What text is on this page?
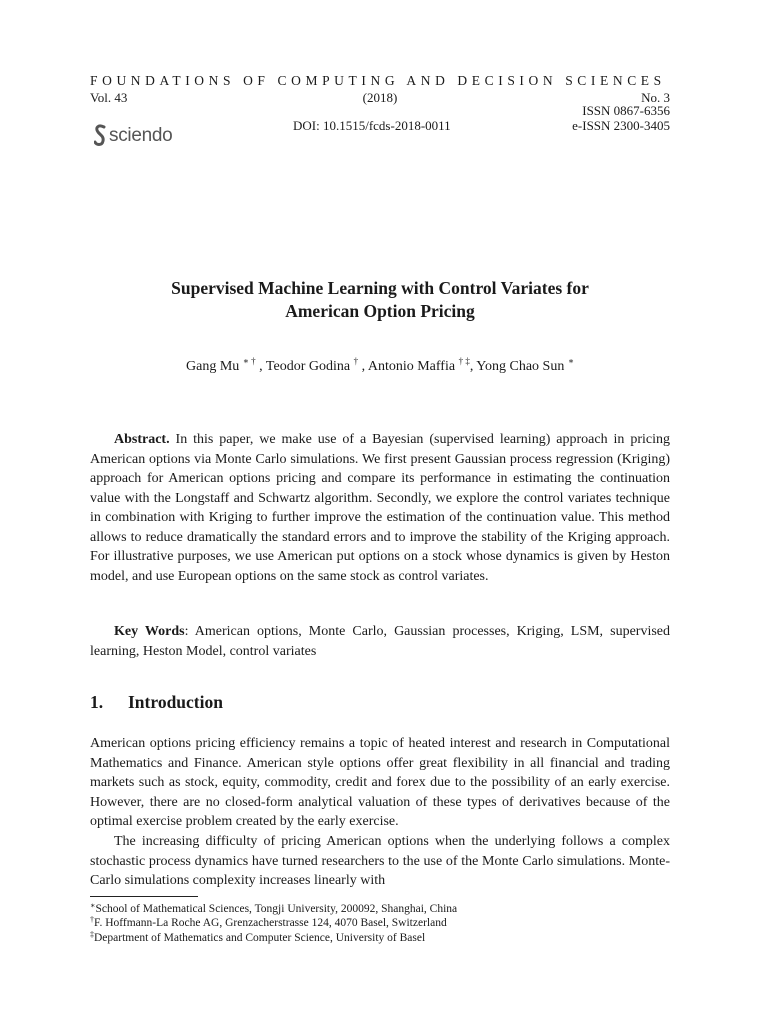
FOUNDATIONS OF COMPUTING AND DECISION SCIENCES
Vol. 43	(2018)	No. 3
ISSN 0867-6356
DOI: 10.1515/fcds-2018-0011	e-ISSN 2300-3405
sciendo
Supervised Machine Learning with Control Variates for
American Option Pricing
Gang Mu ∗ † , Teodor Godina † , Antonio Maffia † ‡, Yong Chao Sun ∗
Abstract. In this paper, we make use of a Bayesian (supervised learning) approach in pricing American options via Monte Carlo simulations. We first present Gaussian process regression (Kriging) approach for American options pricing and compare its performance in estimating the continuation value with the Longstaff and Schwartz algorithm. Secondly, we explore the control variates technique in combination with Kriging to further improve the estimation of the continuation value. This method allows to reduce dramatically the standard errors and to improve the stability of the Kriging approach. For illustrative purposes, we use American put options on a stock whose dynamics is given by Heston model, and use European options on the same stock as control variates.
Key Words: American options, Monte Carlo, Gaussian processes, Kriging, LSM, supervised learning, Heston Model, control variates
1. Introduction
American options pricing efficiency remains a topic of heated interest and research in Computational Mathematics and Finance. American style options offer great flexibility in all financial and trading markets such as stock, equity, commodity, credit and forex due to the possibility of an early exercise. However, there are no closed-form analytical valuation of these types of derivatives because of the optimal exercise problem created by the early exercise.
The increasing difficulty of pricing American options when the underlying follows a complex stochastic process dynamics have turned researchers to the use of the Monte Carlo simulations. Monte-Carlo simulations complexity increases linearly with
∗School of Mathematical Sciences, Tongji University, 200092, Shanghai, China
†F. Hoffmann-La Roche AG, Grenzacherstrasse 124, 4070 Basel, Switzerland
‡Department of Mathematics and Computer Science, University of Basel
